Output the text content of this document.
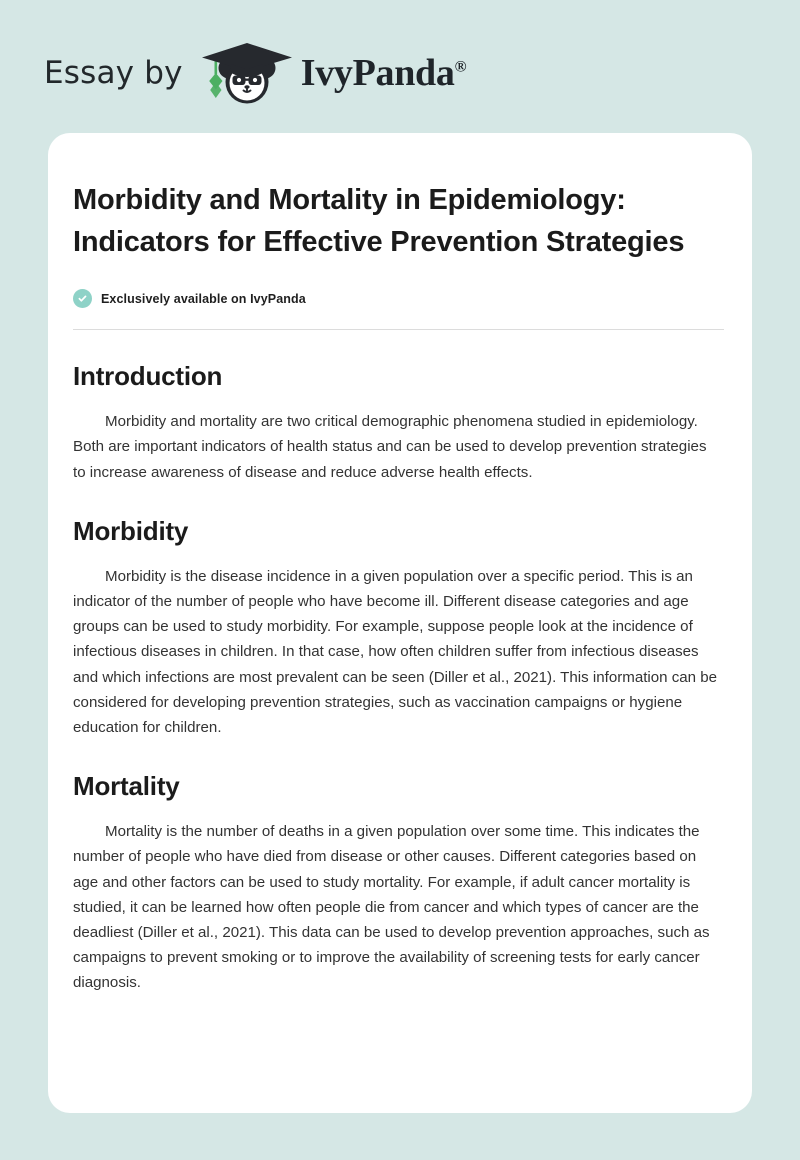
Essay by	IvyPanda®
Morbidity and Mortality in Epidemiology: Indicators for Effective Prevention Strategies
Exclusively available on IvyPanda
Introduction

Morbidity and mortality are two critical demographic phenomena studied in epidemiology. Both are important indicators of health status and can be used to develop prevention strategies to increase awareness of disease and reduce adverse health effects.

Morbidity

Morbidity is the disease incidence in a given population over a specific period. This is an indicator of the number of people who have become ill. Different disease categories and age groups can be used to study morbidity. For example, suppose people look at the incidence of infectious diseases in children. In that case, how often children suffer from infectious diseases and which infections are most prevalent can be seen (Diller et al., 2021). This information can be considered for developing prevention strategies, such as vaccination campaigns or hygiene education for children.

Mortality

Mortality is the number of deaths in a given population over some time. This indicates the number of people who have died from disease or other causes. Different categories based on age and other factors can be used to study mortality. For example, if adult cancer mortality is studied, it can be learned how often people die from cancer and which types of cancer are the deadliest (Diller et al., 2021). This data can be used to develop prevention approaches, such as campaigns to prevent smoking or to improve the availability of screening tests for early cancer diagnosis.
